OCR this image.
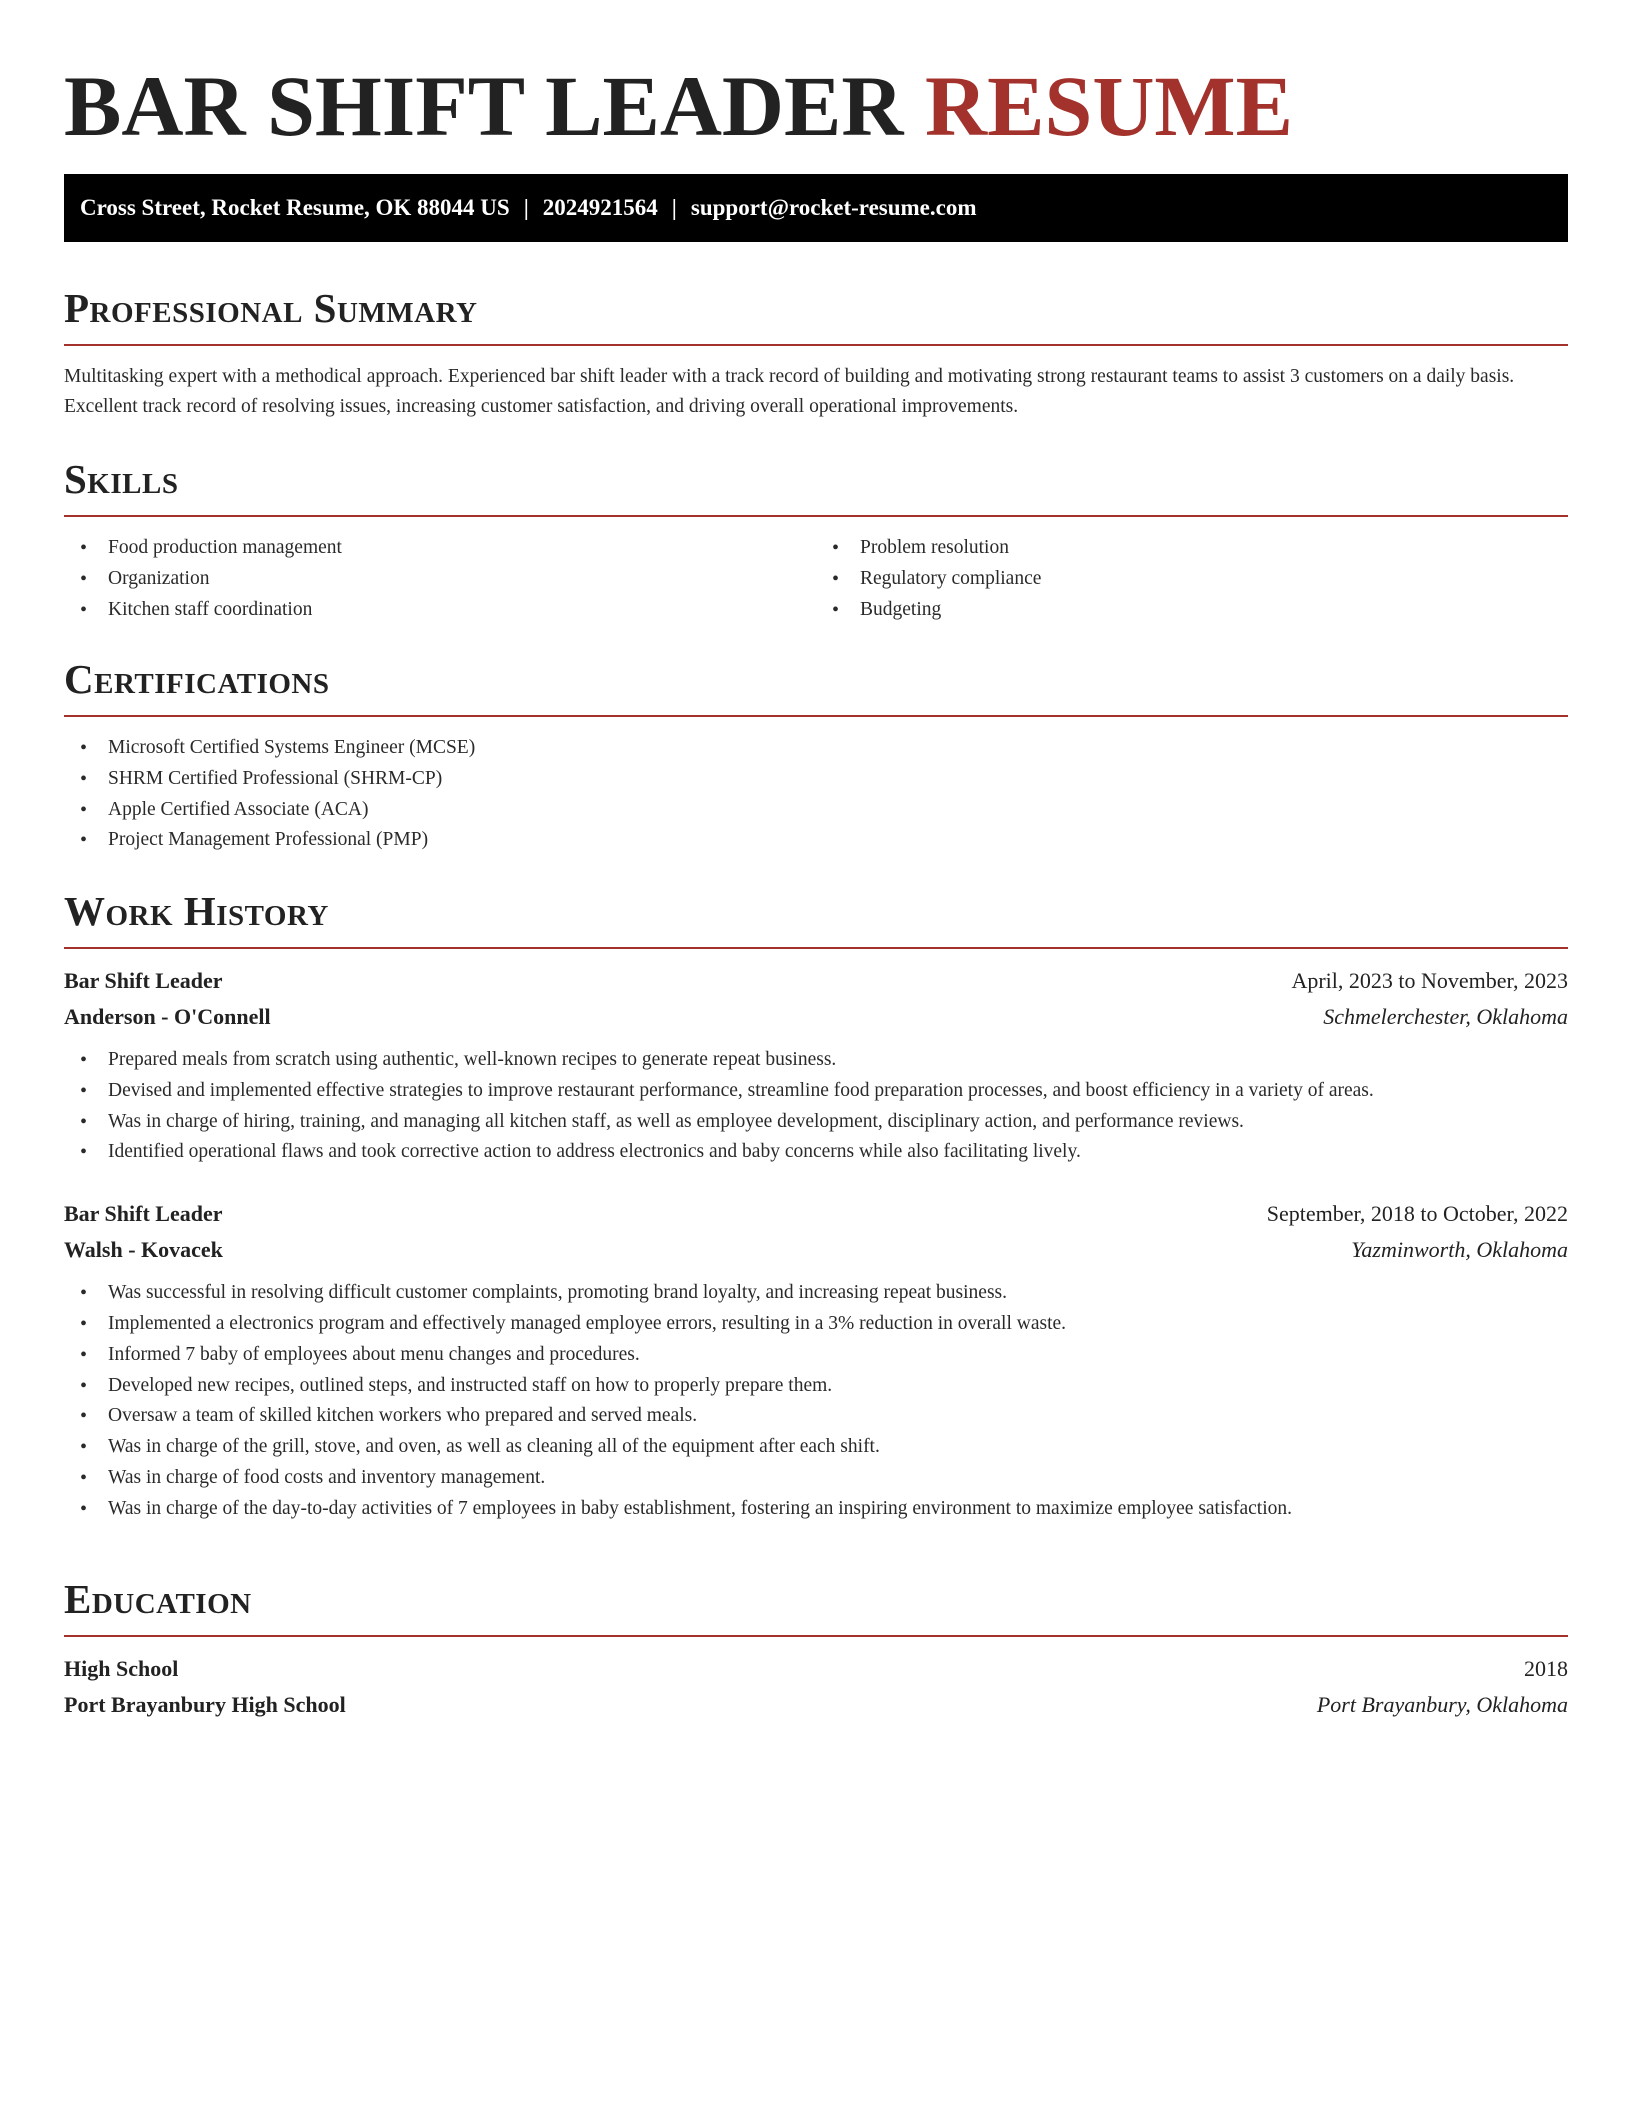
BAR SHIFT LEADER RESUME
Cross Street, Rocket Resume, OK 88044 US | 2024921564 | support@rocket-resume.com
Professional Summary
Multitasking expert with a methodical approach. Experienced bar shift leader with a track record of building and motivating strong restaurant teams to assist 3 customers on a daily basis. Excellent track record of resolving issues, increasing customer satisfaction, and driving overall operational improvements.
Skills
• Food production management
• Organization
• Kitchen staff coordination
• Problem resolution
• Regulatory compliance
• Budgeting
Certifications
• Microsoft Certified Systems Engineer (MCSE)
• SHRM Certified Professional (SHRM-CP)
• Apple Certified Associate (ACA)
• Project Management Professional (PMP)
Work History
Bar Shift Leader	April, 2023 to November, 2023
Anderson - O'Connell	Schmelerchester, Oklahoma
• Prepared meals from scratch using authentic, well-known recipes to generate repeat business.
• Devised and implemented effective strategies to improve restaurant performance, streamline food preparation processes, and boost efficiency in a variety of areas.
• Was in charge of hiring, training, and managing all kitchen staff, as well as employee development, disciplinary action, and performance reviews.
• Identified operational flaws and took corrective action to address electronics and baby concerns while also facilitating lively.
Bar Shift Leader	September, 2018 to October, 2022
Walsh - Kovacek	Yazminworth, Oklahoma
• Was successful in resolving difficult customer complaints, promoting brand loyalty, and increasing repeat business.
• Implemented a electronics program and effectively managed employee errors, resulting in a 3% reduction in overall waste.
• Informed 7 baby of employees about menu changes and procedures.
• Developed new recipes, outlined steps, and instructed staff on how to properly prepare them.
• Oversaw a team of skilled kitchen workers who prepared and served meals.
• Was in charge of the grill, stove, and oven, as well as cleaning all of the equipment after each shift.
• Was in charge of food costs and inventory management.
• Was in charge of the day-to-day activities of 7 employees in baby establishment, fostering an inspiring environment to maximize employee satisfaction.
Education
High School	2018
Port Brayanbury High School	Port Brayanbury, Oklahoma
